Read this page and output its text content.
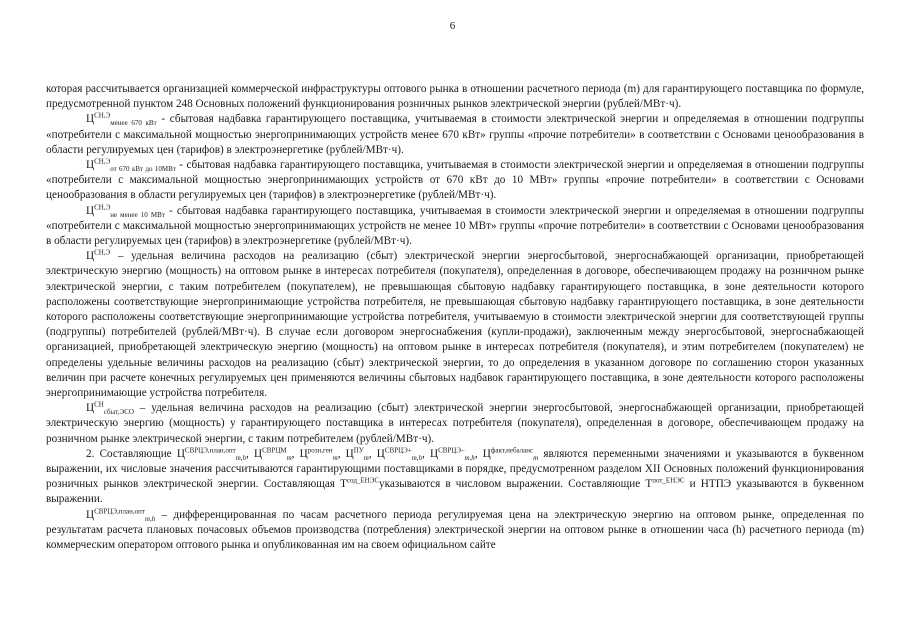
6

которая рассчитывается организацией коммерческой инфраструктуры оптового рынка в отношении расчетного периода (m) для гарантирующего поставщика по формуле, предусмотренной пунктом 248 Основных положений функционирования розничных рынков электрической энергии (рублей/МВт·ч).

$Ц^{СН,Э}_{менее 670 кВт}$ - сбытовая надбавка гарантирующего поставщика, учитываемая в стоимости электрической энергии и определяемая в отношении подгруппы «потребители с максимальной мощностью энергопринимающих устройств менее 670 кВт» группы «прочие потребители» в соответствии с Основами ценообразования в области регулируемых цен (тарифов) в электроэнергетике (рублей/МВт·ч).

$Ц^{СН,Э}_{от 670 кВт до 10МВт}$ - сбытовая надбавка гарантирующего поставщика, учитываемая в стоимости электрической энергии и определяемая в отношении подгруппы «потребители с максимальной мощностью энергопринимающих устройств от 670 кВт до 10 МВт» группы «прочие потребители» в соответствии с Основами ценообразования в области регулируемых цен (тарифов) в электроэнергетике (рублей/МВт·ч).

$Ц^{СН,Э}_{не менее 10 МВт}$ - сбытовая надбавка гарантирующего поставщика, учитываемая в стоимости электрической энергии и определяемая в отношении подгруппы «потребители с максимальной мощностью энергопринимающих устройств не менее 10 МВт» группы «прочие потребители» в соответствии с Основами ценообразования в области регулируемых цен (тарифов) в электроэнергетике (рублей/МВт·ч).

$Ц^{СН,Э}$ – удельная величина расходов на реализацию (сбыт) электрической энергии энергосбытовой, энергоснабжающей организации, приобретающей электрическую энергию (мощность) на оптовом рынке в интересах потребителя (покупателя), определенная в договоре, обеспечивающем продажу на розничном рынке электрической энергии, с таким потребителем (покупателем), не превышающая сбытовую надбавку гарантирующего поставщика, в зоне деятельности которого расположены соответствующие энергопринимающие устройства потребителя, не превышающая сбытовую надбавку гарантирующего поставщика, в зоне деятельности которого расположены соответствующие энергопринимающие устройства потребителя, учитываемую в стоимости электрической энергии для соответствующей группы (подгруппы) потребителей (рублей/МВт·ч). В случае если договором энергоснабжения (купли-продажи), заключенным между энергосбытовой, энергоснабжающей организацией, приобретающей электрическую энергию (мощность) на оптовом рынке в интересах потребителя (покупателя), и этим потребителем (покупателем) не определены удельные величины расходов на реализацию (сбыт) электрической энергии, то до определения в указанном договоре по соглашению сторон указанных величин при расчете конечных регулируемых цен применяются величины сбытовых надбавок гарантирующего поставщика, в зоне деятельности которого расположены энергопринимающие устройства потребителя.

$Ц^{СН}_{сбыт,ЭСО}$ – удельная величина расходов на реализацию (сбыт) электрической энергии энергосбытовой, энергоснабжающей организации, приобретающей электрическую энергию (мощность) у гарантирующего поставщика в интересах потребителя (покупателя), определенная в договоре, обеспечивающем продажу на розничном рынке электрической энергии, с таким потребителем (рублей/МВт·ч).

2. Составляющие $Ц^{СВРЦЭ,план,опт}_{m,h}$, $Ц^{СВРЦМ}_m$, $Ц^{розн,ген}_m$, $Ц^{ПУ}_m$, $Ц^{СВРЦЭ+}_{m,h}$, $Ц^{СВРЦЭ-}_{m,h}$, $Ц^{факт,небаланс}_m$ являются переменными значениями и указываются в буквенном выражении, их числовые значения рассчитываются гарантирующими поставщиками в порядке, предусмотренном разделом XII Основных положений функционирования розничных рынков электрической энергии. Составляющая $Т^{сод\_ЕНЭС}указываются$ в числовом выражении. Составляющие $Т^{пот\_ЕНЭС}$ и НТПЭ указываются в буквенном выражении.

$Ц^{СВРЦЭ,план,опт}_{m,h}$ – дифференцированная по часам расчетного периода регулируемая цена на электрическую энергию на оптовом рынке, определенная по результатам расчета плановых почасовых объемов производства (потребления) электрической энергии на оптовом рынке в отношении часа (h) расчетного периода (m) коммерческим оператором оптового рынка и опубликованная им на своем официальном сайте
